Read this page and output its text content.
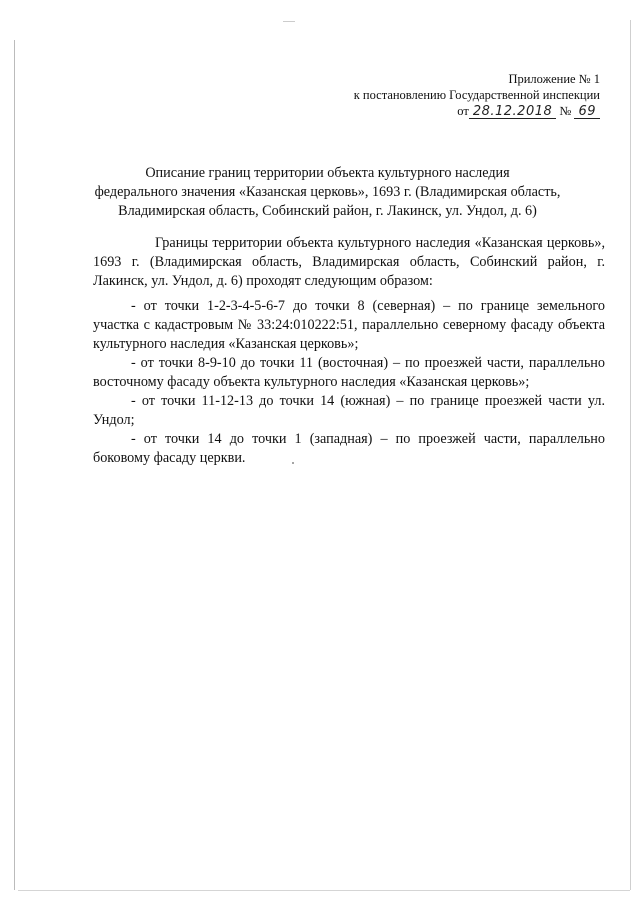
Приложение № 1
к постановлению Государственной инспекции
от 28.12.2018 № 69
Описание границ территории объекта культурного наследия
федерального значения «Казанская церковь», 1693 г. (Владимирская область,
Владимирская область, Собинский район, г. Лакинск, ул. Ундол, д. 6)

Границы территории объекта культурного наследия «Казанская церковь», 1693 г. (Владимирская область, Владимирская область, Собинский район, г. Лакинск, ул. Ундол, д. 6) проходят следующим образом:

- от точки 1-2-3-4-5-6-7 до точки 8 (северная) – по границе земельного участка с кадастровым № 33:24:010222:51, параллельно северному фасаду объекта культурного наследия «Казанская церковь»;

- от точки 8-9-10 до точки 11 (восточная) – по проезжей части, параллельно восточному фасаду объекта культурного наследия «Казанская церковь»;

- от точки 11-12-13 до точки 14 (южная) – по границе проезжей части ул. Ундол;

- от точки 14 до точки 1 (западная) – по проезжей части, параллельно боковому фасаду церкви.
